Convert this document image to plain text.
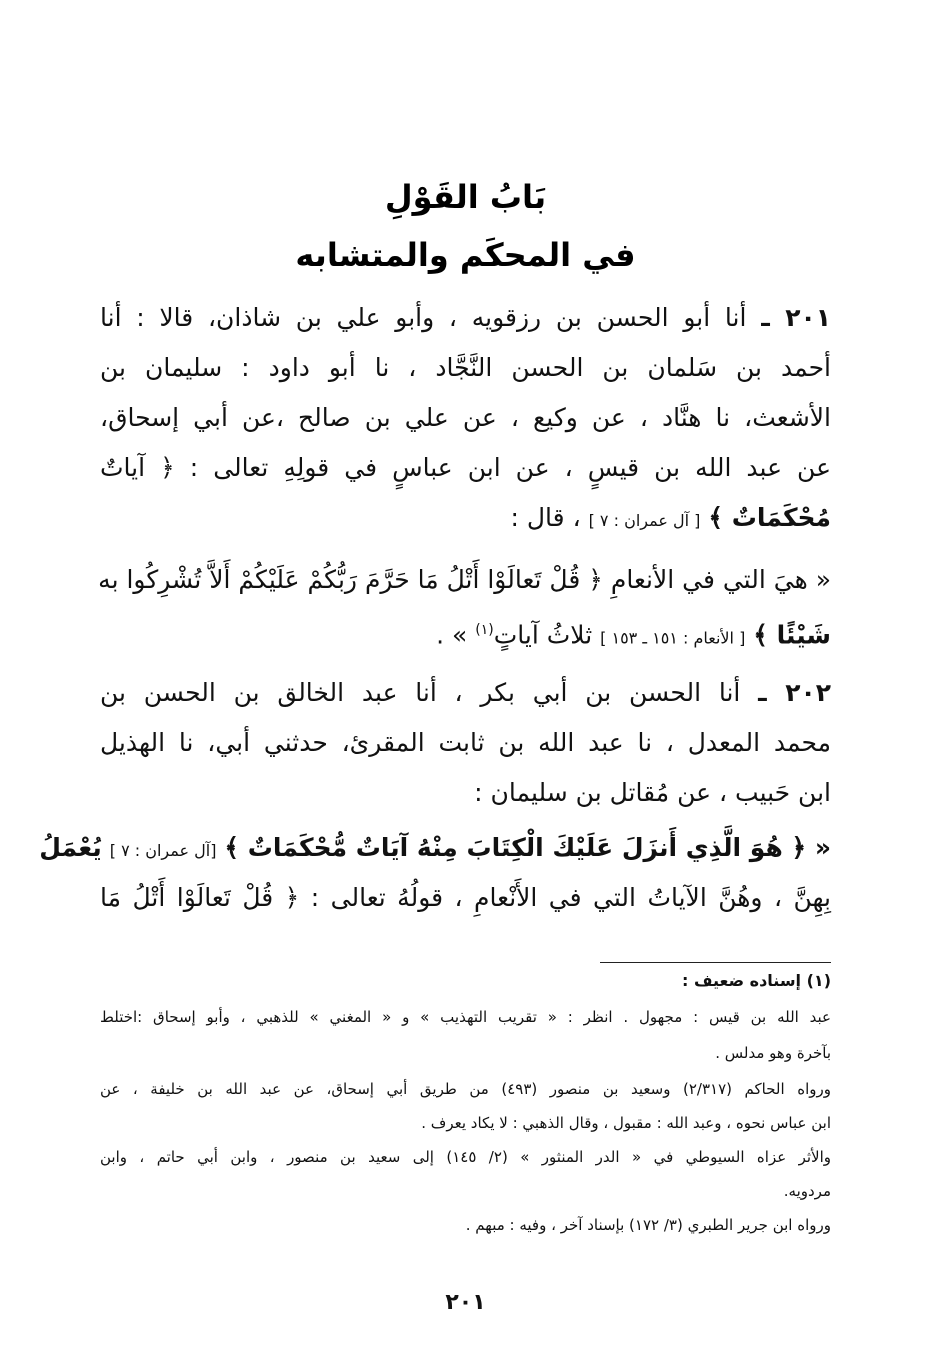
بَابُ القَوْلِ
في المحكَم والمتشابه
٢٠١ ـ أنا أبو الحسن بن رزقويه ، وأبو علي بن شاذان، قالا : أنا
أحمد بن سَلمان بن الحسن النَّجَّاد ، نا أبو داود : سليمان بن
الأشعث، نا هنَّاد ، عن وكيع ، عن علي بن صالح ،عن أبي إسحاق،
عن عبد الله بن قيسٍ ، عن ابن عباسٍ في قولِهِ تعالى : ﴿ آياتٌ
مُحْكَمَاتٌ ﴾ [ آل عمران : ٧ ] ، قال :
« هيَ التي في الأنعامِ ﴿ قُلْ تَعالَوْا أَتْلُ مَا حَرَّمَ رَبُّكُمْ عَلَيْكُمْ أَلاَّ تُشْرِكُوا به
شَيْئًا ﴾ [ الأنعام : ١٥١ ـ ١٥٣ ] ثلاثُ آياتٍ$^{(١)}$ » .
٢٠٢ ـ أنا الحسن بن أبي بكر ، أنا عبد الخالق بن الحسن بن
محمد المعدل ، نا عبد الله بن ثابت المقرئ، حدثني أبي، نا الهذيل
ابن حَبيب ، عن مُقاتل بن سليمان :
« ﴿ هُوَ الَّذِي أَنزَلَ عَلَيْكَ الْكِتَابَ مِنْهُ آيَاتٌ مُّحْكَمَاتٌ ﴾ [آل عمران : ٧ ] يُعْمَلُ
بِهِنَّ ، وهُنَّ الآياتُ التي في الأَنْعامِ ، قولُهُ تعالى : ﴿ قُلْ تَعالَوْا أَتْلُ مَا
(١) إسناده ضعيف :
عبد الله بن قيس : مجهول . انظر : « تقريب التهذيب » و « المغني » للذهبي ، وأبو إسحاق :اختلط
بآخرة وهو مدلس .
ورواه الحاكم (٢/٣١٧) وسعيد بن منصور (٤٩٣) من طريق أبي إسحاق، عن عبد الله بن خليفة ، عن
ابن عباس نحوه ، وعبد الله : مقبول ، وقال الذهبي : لا يكاد يعرف .
والأثر عزاه السيوطي في « الدر المنثور » (٢/ ١٤٥) إلى سعيد بن منصور ، وابن أبي حاتم ، وابن
مردويه.
ورواه ابن جرير الطبري (٣/ ١٧٢) بإسناد آخر ، وفيه : مبهم .
٢٠١
